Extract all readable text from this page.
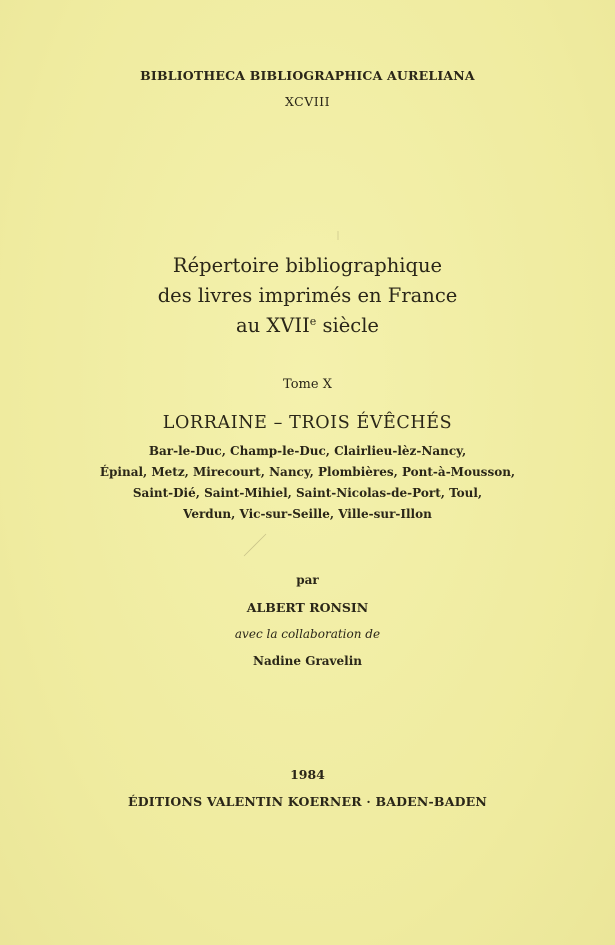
BIBLIOTHECA BIBLIOGRAPHICA AURELIANA
XCVIII
Répertoire bibliographique
des livres imprimés en France
au XVIIe siècle
Tome X
LORRAINE – TROIS ÉVÊCHÉS
Bar-le-Duc, Champ-le-Duc, Clairlieu-lèz-Nancy,
Épinal, Metz, Mirecourt, Nancy, Plombières, Pont-à-Mousson,
Saint-Dié, Saint-Mihiel, Saint-Nicolas-de-Port, Toul,
Verdun, Vic-sur-Seille, Ville-sur-Illon
par
ALBERT RONSIN
avec la collaboration de
Nadine Gravelin
1984
ÉDITIONS VALENTIN KOERNER · BADEN-BADEN
